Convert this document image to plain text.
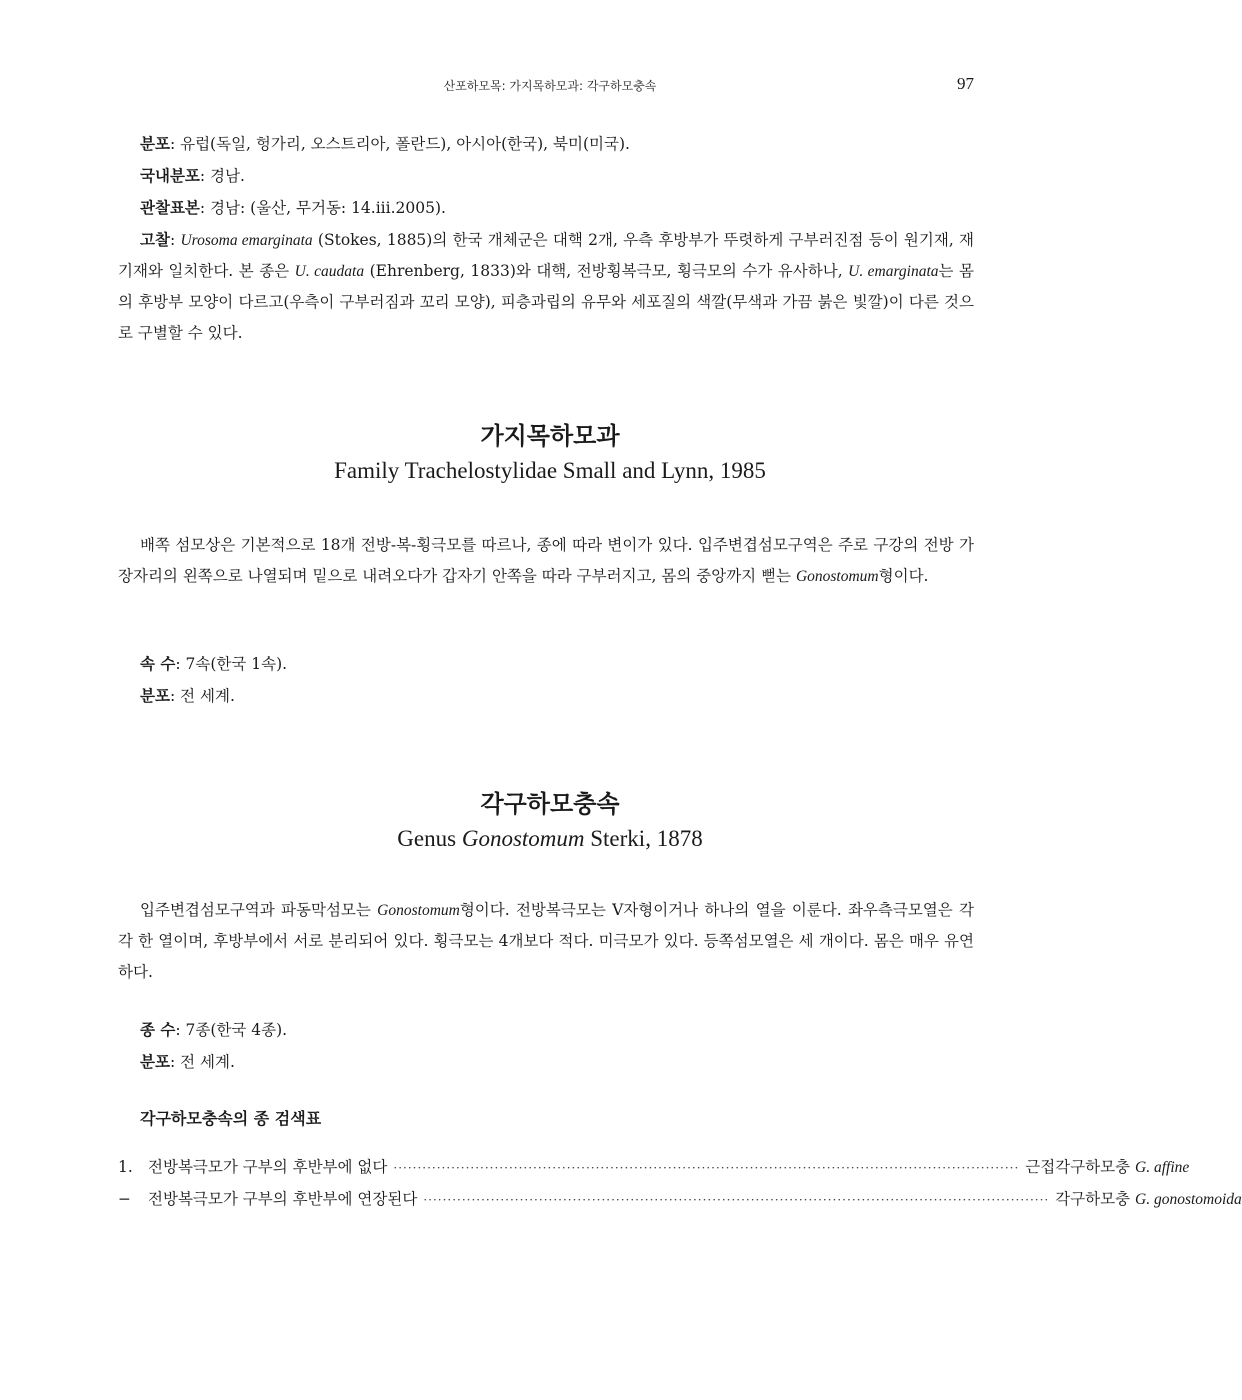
산포하모목: 가지목하모과: 각구하모충속	97

분포: 유럽(독일, 헝가리, 오스트리아, 폴란드), 아시아(한국), 북미(미국).

국내분포: 경남.

관찰표본: 경남: (울산, 무거동: 14.iii.2005).

고찰: Urosoma emarginata (Stokes, 1885)의 한국 개체군은 대핵 2개, 우측 후방부가 뚜렷하게 구부러진점 등이 원기재, 재기재와 일치한다. 본 종은 U. caudata (Ehrenberg, 1833)와 대핵, 전방횡복극모, 횡극모의 수가 유사하나, U. emarginata는 몸의 후방부 모양이 다르고(우측이 구부러짐과 꼬리 모양), 피층과립의 유무와 세포질의 색깔(무색과 가끔 붉은 빛깔)이 다른 것으로 구별할 수 있다.

가지목하모과
Family Trachelostylidae Small and Lynn, 1985

배쪽 섬모상은 기본적으로 18개 전방-복-횡극모를 따르나, 종에 따라 변이가 있다. 입주변겹섬모구역은 주로 구강의 전방 가장자리의 왼쪽으로 나열되며 밑으로 내려오다가 갑자기 안쪽을 따라 구부러지고, 몸의 중앙까지 뻗는 Gonostomum형이다.

속 수: 7속(한국 1속).

분포: 전 세계.

각구하모충속
Genus Gonostomum Sterki, 1878

입주변겹섬모구역과 파동막섬모는 Gonostomum형이다. 전방복극모는 V자형이거나 하나의 열을 이룬다. 좌우측극모열은 각각 한 열이며, 후방부에서 서로 분리되어 있다. 횡극모는 4개보다 적다. 미극모가 있다. 등쪽섬모열은 세 개이다. 몸은 매우 유연하다.

종 수: 7종(한국 4종).

분포: 전 세계.

각구하모충속의 종 검색표
1. 전방복극모가 구부의 후반부에 없다 ·································································································································· 근접각구하모충 G. affine
−	전방복극모가 구부의 후반부에 연장된다 ·································································································································· 각구하모충 G. gonostomoida
